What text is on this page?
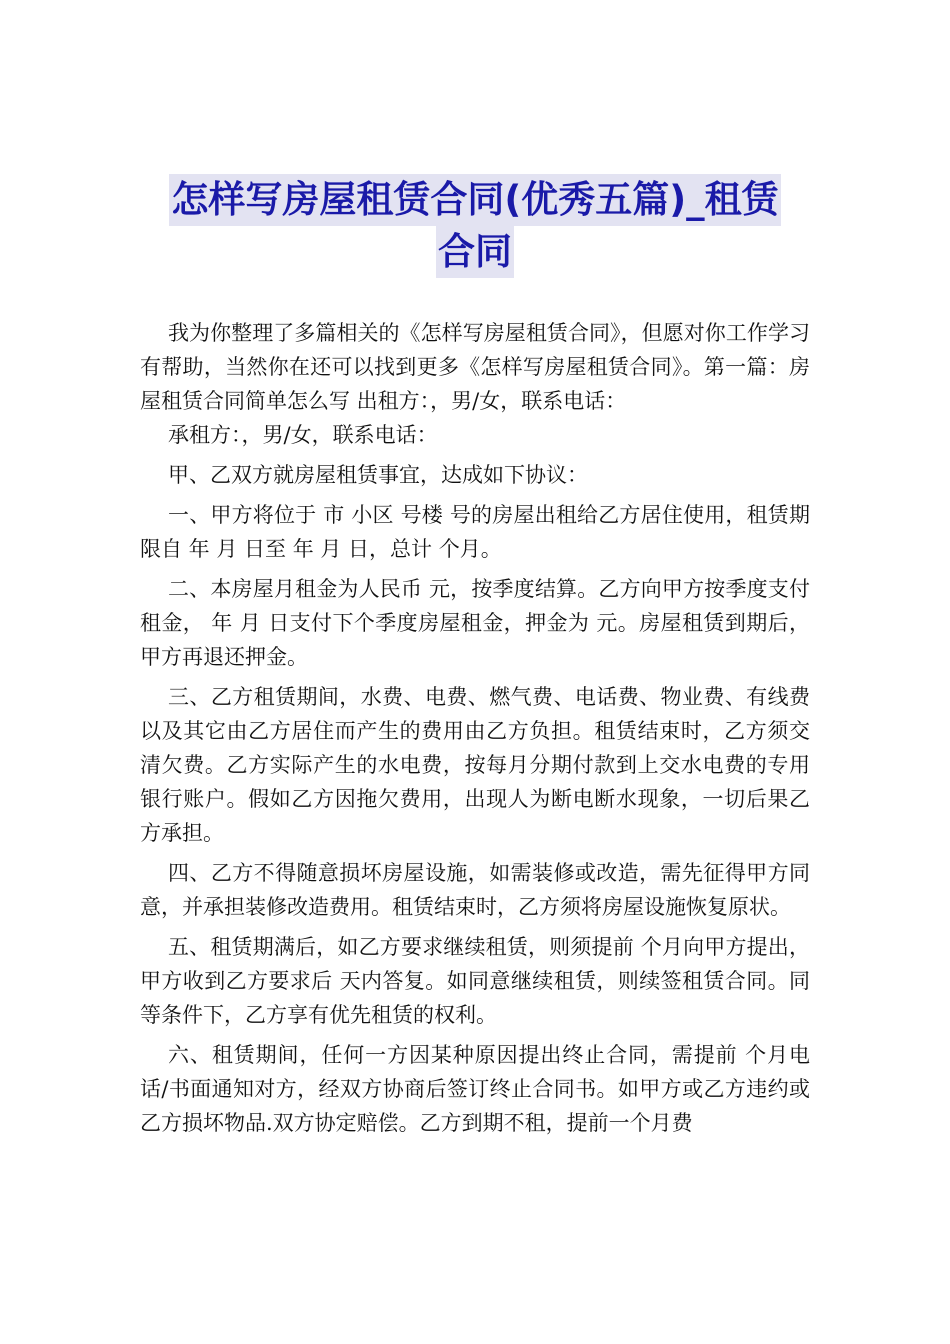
怎样写房屋租赁合同(优秀五篇)_租赁
合同

我为你整理了多篇相关的《怎样写房屋租赁合同》，但愿对你工作学习有帮助，当然你在还可以找到更多《怎样写房屋租赁合同》。第一篇：房屋租赁合同简单怎么写 出租方：，男/女，联系电话：

承租方：，男/女，联系电话：

甲、乙双方就房屋租赁事宜，达成如下协议：

一、甲方将位于 市 小区 号楼 号的房屋出租给乙方居住使用，租赁期限自 年 月 日至 年 月 日，总计 个月。

二、本房屋月租金为人民币 元，按季度结算。乙方向甲方按季度支付租金， 年 月 日支付下个季度房屋租金，押金为 元。房屋租赁到期后，甲方再退还押金。

三、乙方租赁期间，水费、电费、燃气费、电话费、物业费、有线费以及其它由乙方居住而产生的费用由乙方负担。租赁结束时，乙方须交清欠费。乙方实际产生的水电费，按每月分期付款到上交水电费的专用银行账户。假如乙方因拖欠费用，出现人为断电断水现象，一切后果乙方承担。

四、乙方不得随意损坏房屋设施，如需装修或改造，需先征得甲方同意，并承担装修改造费用。租赁结束时，乙方须将房屋设施恢复原状。

五、租赁期满后，如乙方要求继续租赁，则须提前 个月向甲方提出，甲方收到乙方要求后 天内答复。如同意继续租赁，则续签租赁合同。同等条件下，乙方享有优先租赁的权利。

六、租赁期间，任何一方因某种原因提出终止合同，需提前 个月电话/书面通知对方，经双方协商后签订终止合同书。如甲方或乙方违约或乙方损坏物品.双方协定赔偿。乙方到期不租，提前一个月费
